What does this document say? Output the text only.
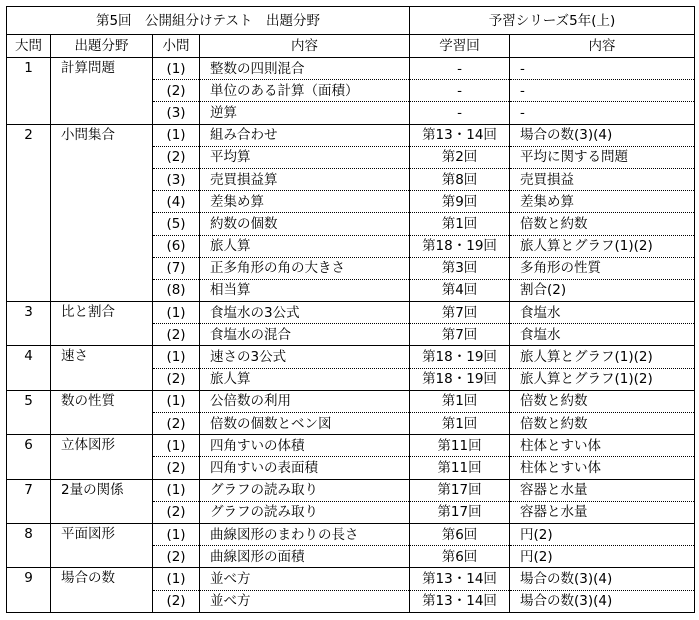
第5回　公開組分けテスト　出題分野				予習シリーズ5年(上)	
大問	出題分野	小問	内容	学習回	内容
1	計算問題	(1)	整数の四則混合	-	-
		(2)	単位のある計算（面積）	-	-
		(3)	逆算	-	-
2	小問集合	(1)	組み合わせ	第13・14回	場合の数(3)(4)
		(2)	平均算	第2回	平均に関する問題
		(3)	売買損益算	第8回	売買損益
		(4)	差集め算	第9回	差集め算
		(5)	約数の個数	第1回	倍数と約数
		(6)	旅人算	第18・19回	旅人算とグラフ(1)(2)
		(7)	正多角形の角の大きさ	第3回	多角形の性質
		(8)	相当算	第4回	割合(2)
3	比と割合	(1)	食塩水の3公式	第7回	食塩水
		(2)	食塩水の混合	第7回	食塩水
4	速さ	(1)	速さの3公式	第18・19回	旅人算とグラフ(1)(2)
		(2)	旅人算	第18・19回	旅人算とグラフ(1)(2)
5	数の性質	(1)	公倍数の利用	第1回	倍数と約数
		(2)	倍数の個数とベン図	第1回	倍数と約数
6	立体図形	(1)	四角すいの体積	第11回	柱体とすい体
		(2)	四角すいの表面積	第11回	柱体とすい体
7	2量の関係	(1)	グラフの読み取り	第17回	容器と水量
		(2)	グラフの読み取り	第17回	容器と水量
8	平面図形	(1)	曲線図形のまわりの長さ	第6回	円(2)
		(2)	曲線図形の面積	第6回	円(2)
9	場合の数	(1)	並べ方	第13・14回	場合の数(3)(4)
		(2)	並べ方	第13・14回	場合の数(3)(4)
